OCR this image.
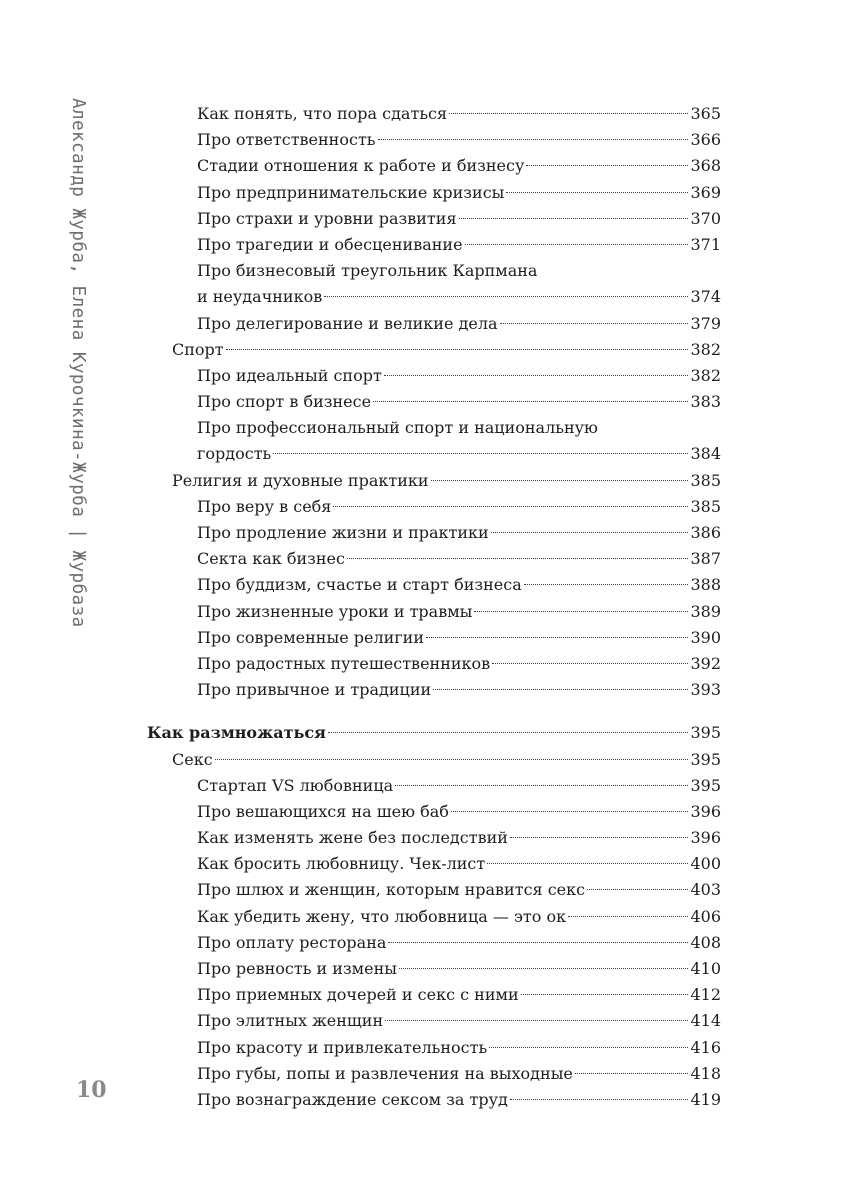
Александр Журба, Елена Курочкина-Журба | Журбаза
10
Как понять, что пора сдаться	365
Про ответственность	366
Стадии отношения к работе и бизнесу	368
Про предпринимательские кризисы	369
Про страхи и уровни развития	370
Про трагедии и обесценивание	371
Про бизнесовый треугольник Карпмана
и неудачников	374
Про делегирование и великие дела	379
Спорт	382
Про идеальный спорт	382
Про спорт в бизнесе	383
Про профессиональный спорт и национальную
гордость	384
Религия и духовные практики	385
Про веру в себя	385
Про продление жизни и практики	386
Секта как бизнес	387
Про буддизм, счастье и старт бизнеса	388
Про жизненные уроки и травмы	389
Про современные религии	390
Про радостных путешественников	392
Про привычное и традиции	393
Как размножаться	395
Секс	395
Стартап VS любовница	395
Про вешающихся на шею баб	396
Как изменять жене без последствий	396
Как бросить любовницу. Чек-лист	400
Про шлюх и женщин, которым нравится секс	403
Как убедить жену, что любовница — это ок	406
Про оплату ресторана	408
Про ревность и измены	410
Про приемных дочерей и секс с ними	412
Про элитных женщин	414
Про красоту и привлекательность	416
Про губы, попы и развлечения на выходные	418
Про вознаграждение сексом за труд	419
